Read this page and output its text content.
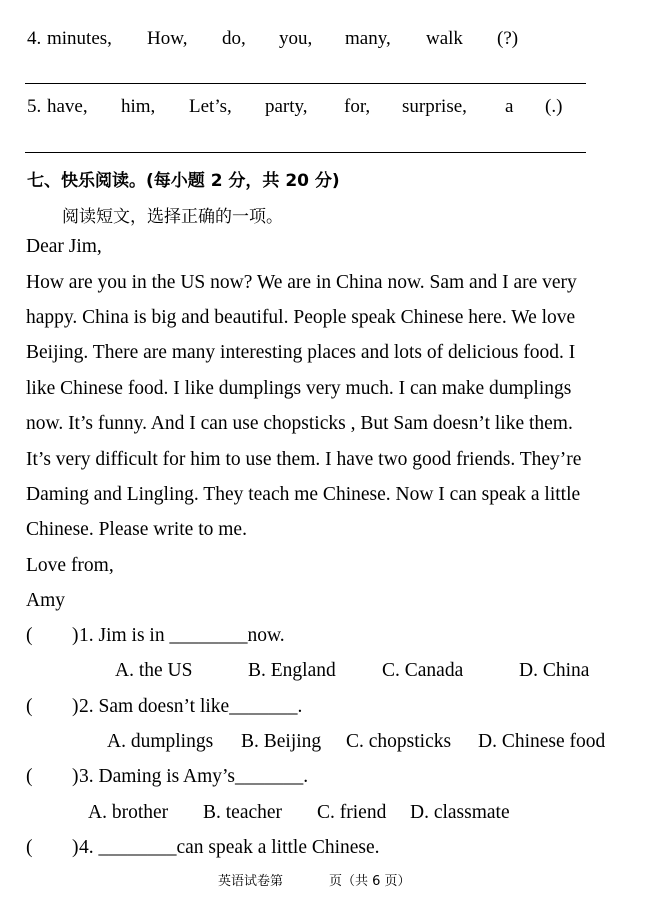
4. minutes, How, do, you, many, walk (?)
5. have, him, Let’s, party, for, surprise, a (.)
七、快乐阅读。(每小题 2 分，共 20 分)
阅读短文，选择正确的一项。
Dear Jim,
How are you in the US now? We are in China now. Sam and I are very
happy. China is big and beautiful. People speak Chinese here. We love
Beijing. There are many interesting places and lots of delicious food. I
like Chinese food. I like dumplings very much. I can make dumplings
now. It’s funny. And I can use chopsticks , But Sam doesn’t like them.
It’s very difficult for him to use them. I have two good friends. They’re
Daming and Lingling. They teach me Chinese. Now I can speak a little
Chinese. Please write to me.
Love from,
Amy
( ) 1. Jim is in ________now.
A. the US	B. England C. Canada	D. China
( ) 2. Sam doesn’t like_______.
A. dumplings B. Beijing C. chopsticks D. Chinese food
( ) 3. Daming is Amy’s_______.
A. brother B. teacher C. friend D. classmate
( ) 4. ________can speak a little Chinese.
英语试卷第	页（共 6 页）
